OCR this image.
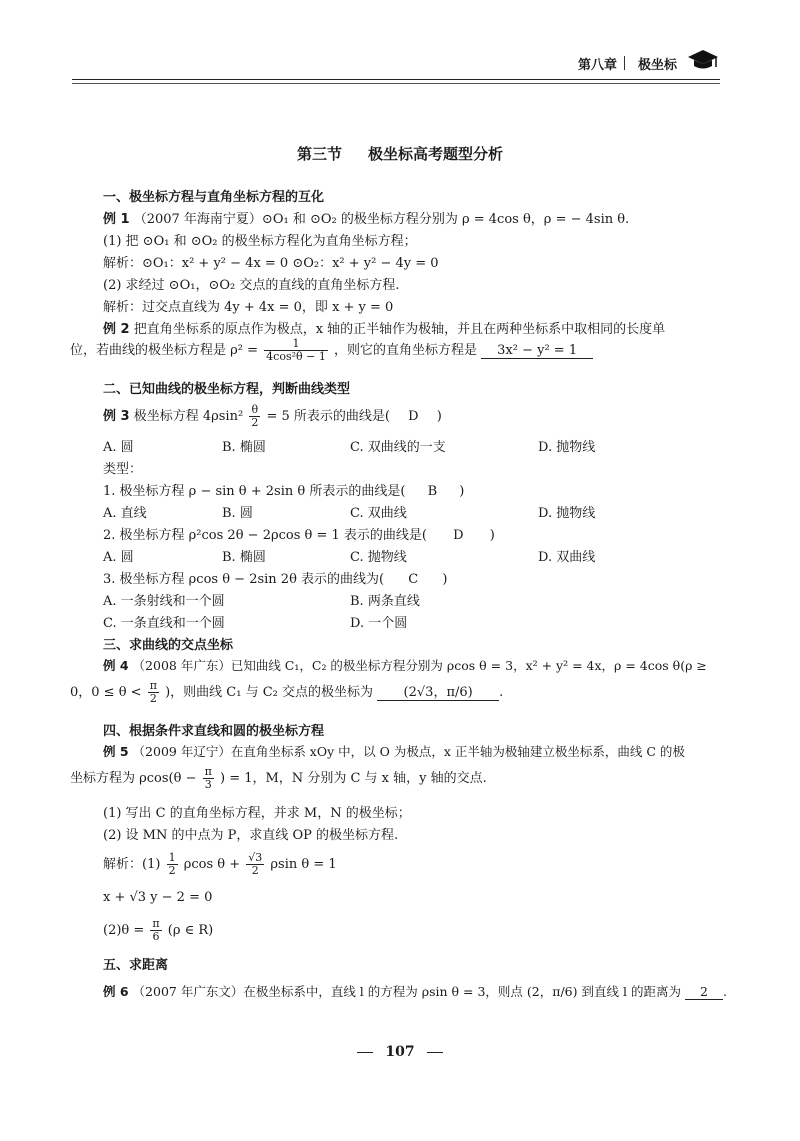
第八章 极坐标
第三节 极坐标高考题型分析
一、极坐标方程与直角坐标方程的互化
例 1 （2007 年海南宁夏）⊙O₁ 和 ⊙O₂ 的极坐标方程分别为 ρ = 4cos θ，ρ = − 4sin θ.
(1) 把 ⊙O₁ 和 ⊙O₂ 的极坐标方程化为直角坐标方程；
解析：⊙O₁：x² + y² − 4x = 0 ⊙O₂：x² + y² − 4y = 0
(2) 求经过 ⊙O₁，⊙O₂ 交点的直线的直角坐标方程.
解析：过交点直线为 4y + 4x = 0，即 x + y = 0
例 2 把直角坐标系的原点作为极点，x 轴的正半轴作为极轴，并且在两种坐标系中取相同的长度单
位，若曲线的极坐标方程是 $\rho^2 = \frac{1}{\text{4cos²θ − 1}}$ ，则它的直角坐标方程是 3x² − y² = 1
二、已知曲线的极坐标方程，判断曲线类型
例 3 极坐标方程 $4\rho\sin^2 \frac{\theta}{2} = 5$ 所表示的曲线是( D )
A. 圆	B. 椭圆	C. 双曲线的一支	D. 抛物线
类型：
1. 极坐标方程 ρ − sin θ + 2sin θ 所表示的曲线是( B )
A. 直线	B. 圆	C. 双曲线	D. 抛物线
2. 极坐标方程 ρ²cos 2θ − 2ρcos θ = 1 表示的曲线是( D )
A. 圆	B. 椭圆	C. 抛物线	D. 双曲线
3. 极坐标方程 ρcos θ − 2sin 2θ 表示的曲线为( C )
A. 一条射线和一个圆	B. 两条直线
C. 一条直线和一个圆	D. 一个圆
三、求曲线的交点坐标
例 4 （2008 年广东）已知曲线 C₁，C₂ 的极坐标方程分别为 ρcos θ = 3，x² + y² = 4x，ρ = 4cos θ(ρ ≥
0，$0 \le \theta < \frac{\pi}{2}$ )，则曲线 C₁ 与 C₂ 交点的极坐标为 (2√3，π/6) .
四、根据条件求直线和圆的极坐标方程
例 5 （2009 年辽宁）在直角坐标系 xOy 中，以 O 为极点，x 正半轴为极轴建立极坐标系，曲线 C 的极
坐标方程为 $\rho\cos(\theta - \frac{\pi}{3}$ ) = 1，M，N 分别为 C 与 x 轴，y 轴的交点.
(1) 写出 C 的直角坐标方程，并求 M，N 的极坐标；
(2) 设 MN 的中点为 P，求直线 OP 的极坐标方程.
解析：$(1) \frac{1}{2}$ ρcos $\theta + \frac{√3}{2}$ ρsin θ = 1
x + √3 y − 2 = 0
$(2)\theta = \frac{\pi}{6} (\rho$ ∈ R)
五、求距离
例 6 （2007 年广东文）在极坐标系中，直线 l 的方程为 ρsin θ = 3，则点 (2，π/6) 到直线 l 的距离为 2 .
107
